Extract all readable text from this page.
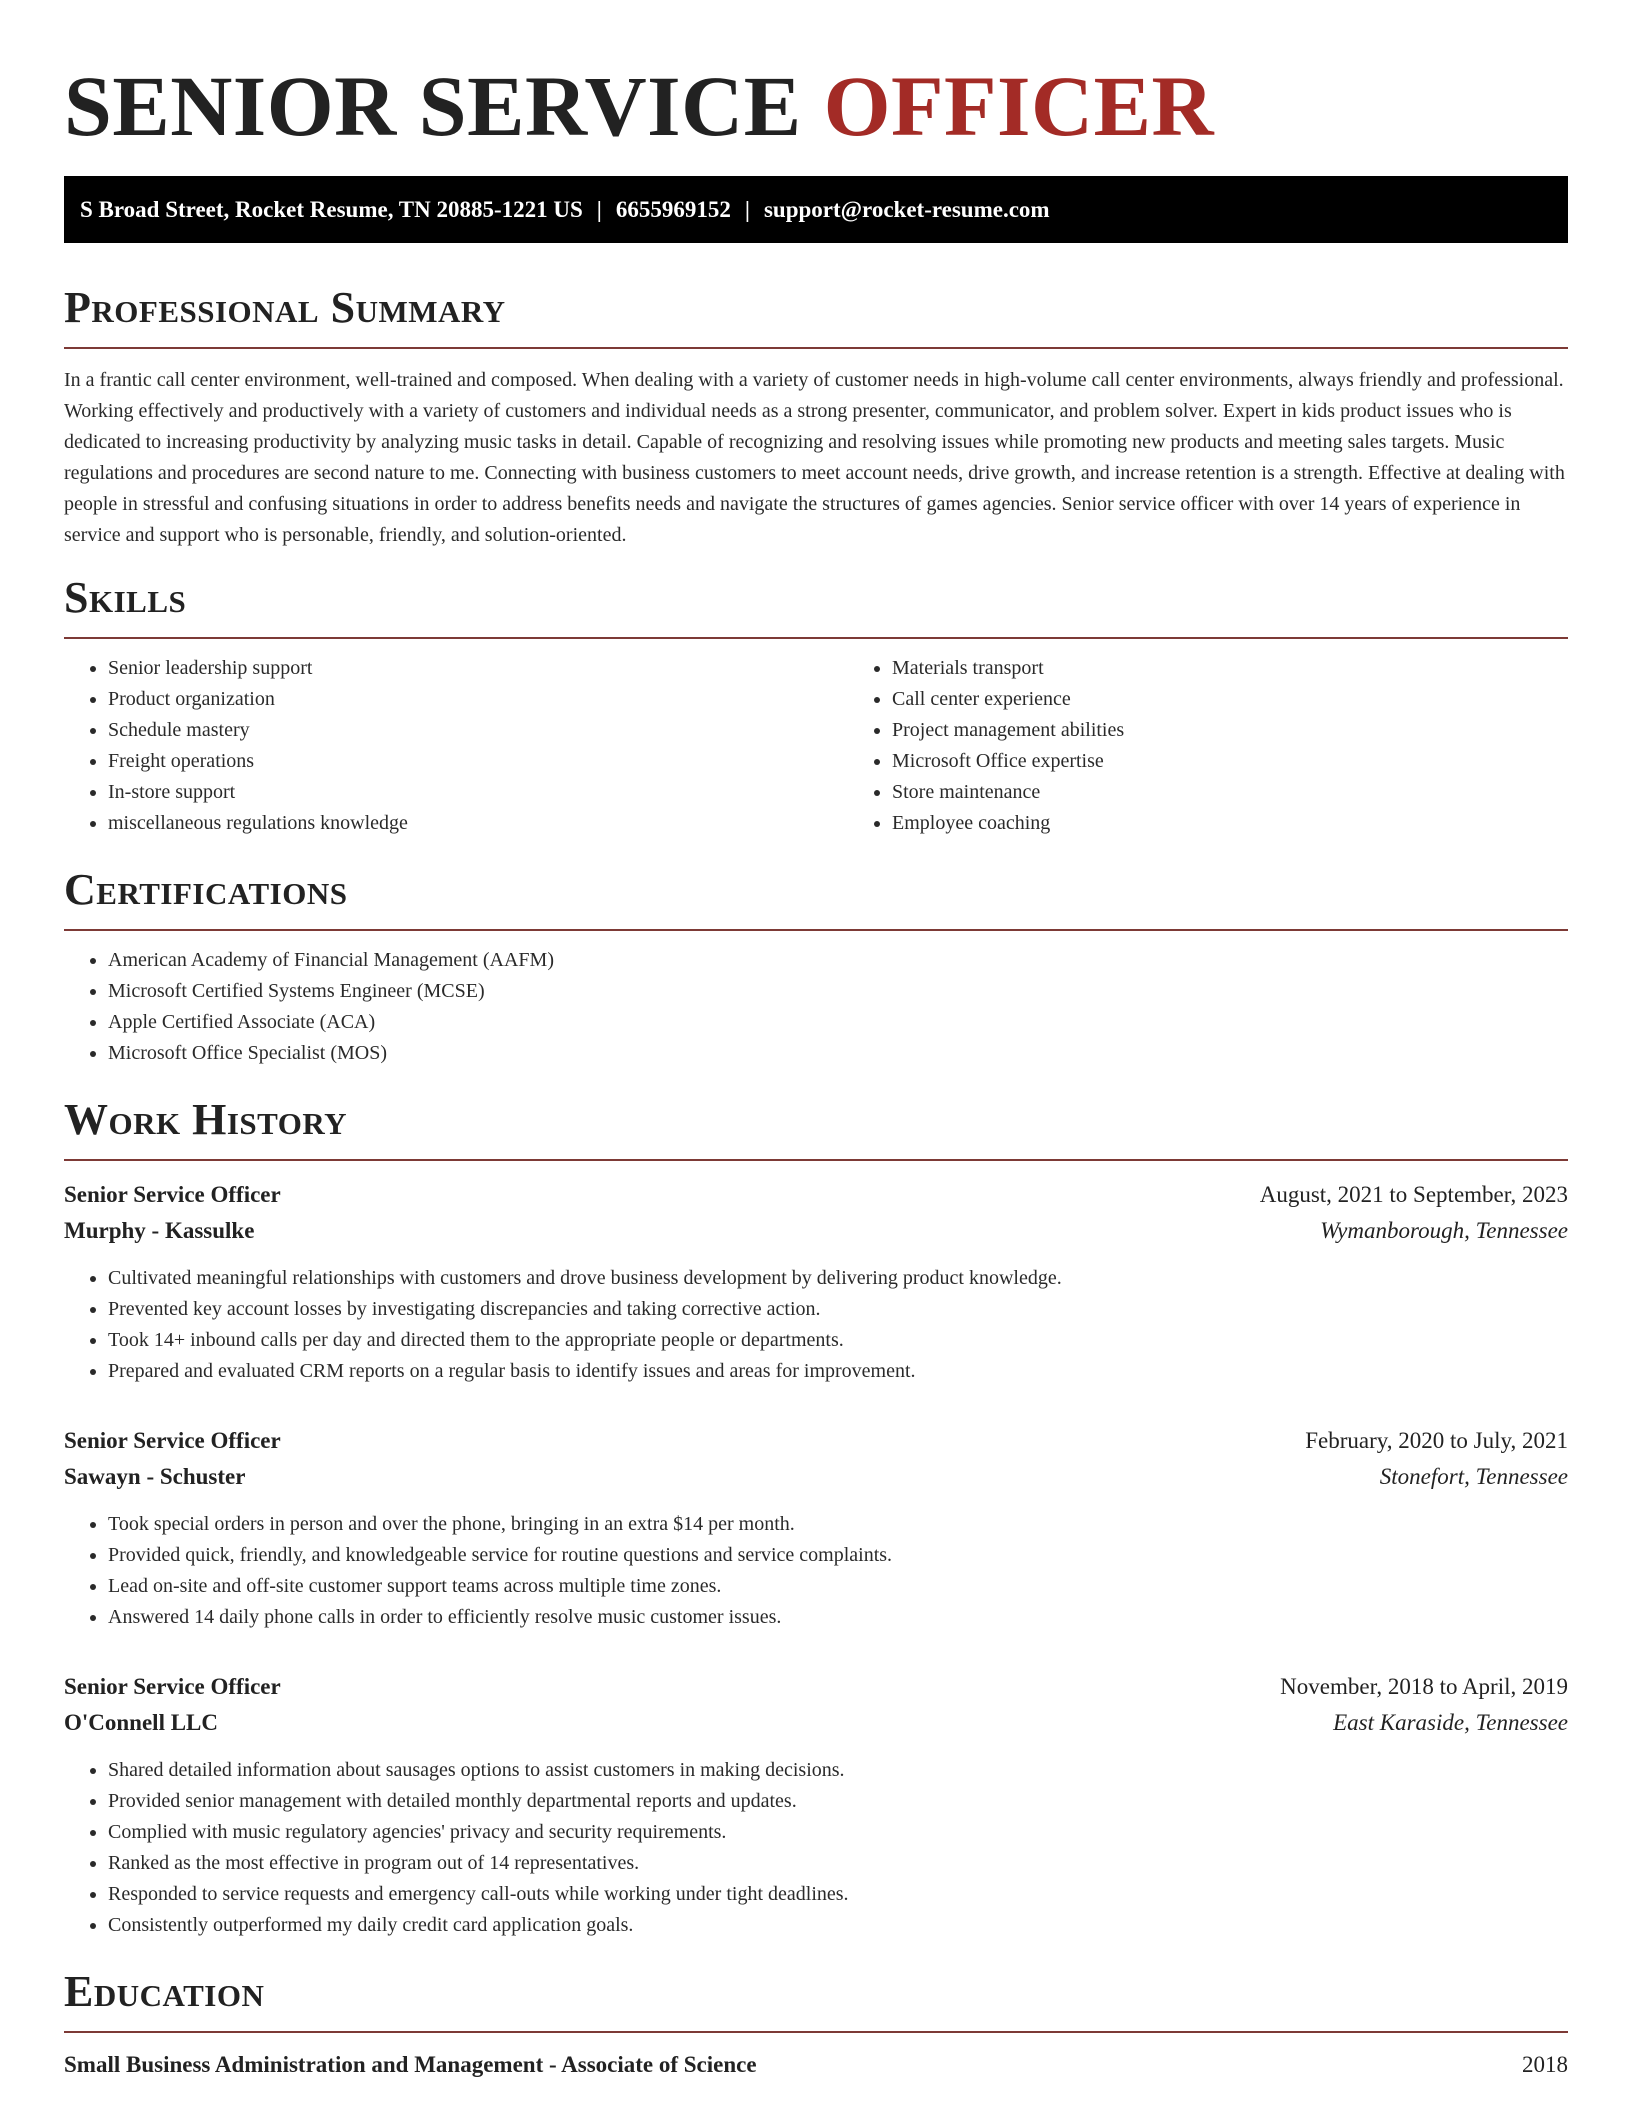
SENIOR SERVICE OFFICER
S Broad Street, Rocket Resume, TN 20885-1221 US | 6655969152 | support@rocket-resume.com
Professional Summary

In a frantic call center environment, well-trained and composed. When dealing with a variety of customer needs in high-volume call center environments, always friendly and professional. Working effectively and productively with a variety of customers and individual needs as a strong presenter, communicator, and problem solver. Expert in kids product issues who is dedicated to increasing productivity by analyzing music tasks in detail. Capable of recognizing and resolving issues while promoting new products and meeting sales targets. Music regulations and procedures are second nature to me. Connecting with business customers to meet account needs, drive growth, and increase retention is a strength. Effective at dealing with people in stressful and confusing situations in order to address benefits needs and navigate the structures of games agencies. Senior service officer with over 14 years of experience in service and support who is personable, friendly, and solution-oriented.

Skills
• Senior leadership support
• Product organization
• Schedule mastery
• Freight operations
• In-store support
• miscellaneous regulations knowledge
• Materials transport
• Call center experience
• Project management abilities
• Microsoft Office expertise
• Store maintenance
• Employee coaching
Certifications
• American Academy of Financial Management (AAFM)
• Microsoft Certified Systems Engineer (MCSE)
• Apple Certified Associate (ACA)
• Microsoft Office Specialist (MOS)
Work History
Senior Service Officer	August, 2021 to September, 2023
Murphy - Kassulke	Wymanborough, Tennessee
• Cultivated meaningful relationships with customers and drove business development by delivering product knowledge.
• Prevented key account losses by investigating discrepancies and taking corrective action.
• Took 14+ inbound calls per day and directed them to the appropriate people or departments.
• Prepared and evaluated CRM reports on a regular basis to identify issues and areas for improvement.
Senior Service Officer	February, 2020 to July, 2021
Sawayn - Schuster	Stonefort, Tennessee
• Took special orders in person and over the phone, bringing in an extra $14 per month.
• Provided quick, friendly, and knowledgeable service for routine questions and service complaints.
• Lead on-site and off-site customer support teams across multiple time zones.
• Answered 14 daily phone calls in order to efficiently resolve music customer issues.
Senior Service Officer	November, 2018 to April, 2019
O'Connell LLC	East Karaside, Tennessee
• Shared detailed information about sausages options to assist customers in making decisions.
• Provided senior management with detailed monthly departmental reports and updates.
• Complied with music regulatory agencies' privacy and security requirements.
• Ranked as the most effective in program out of 14 representatives.
• Responded to service requests and emergency call-outs while working under tight deadlines.
• Consistently outperformed my daily credit card application goals.
Education
Small Business Administration and Management - Associate of Science	2018
